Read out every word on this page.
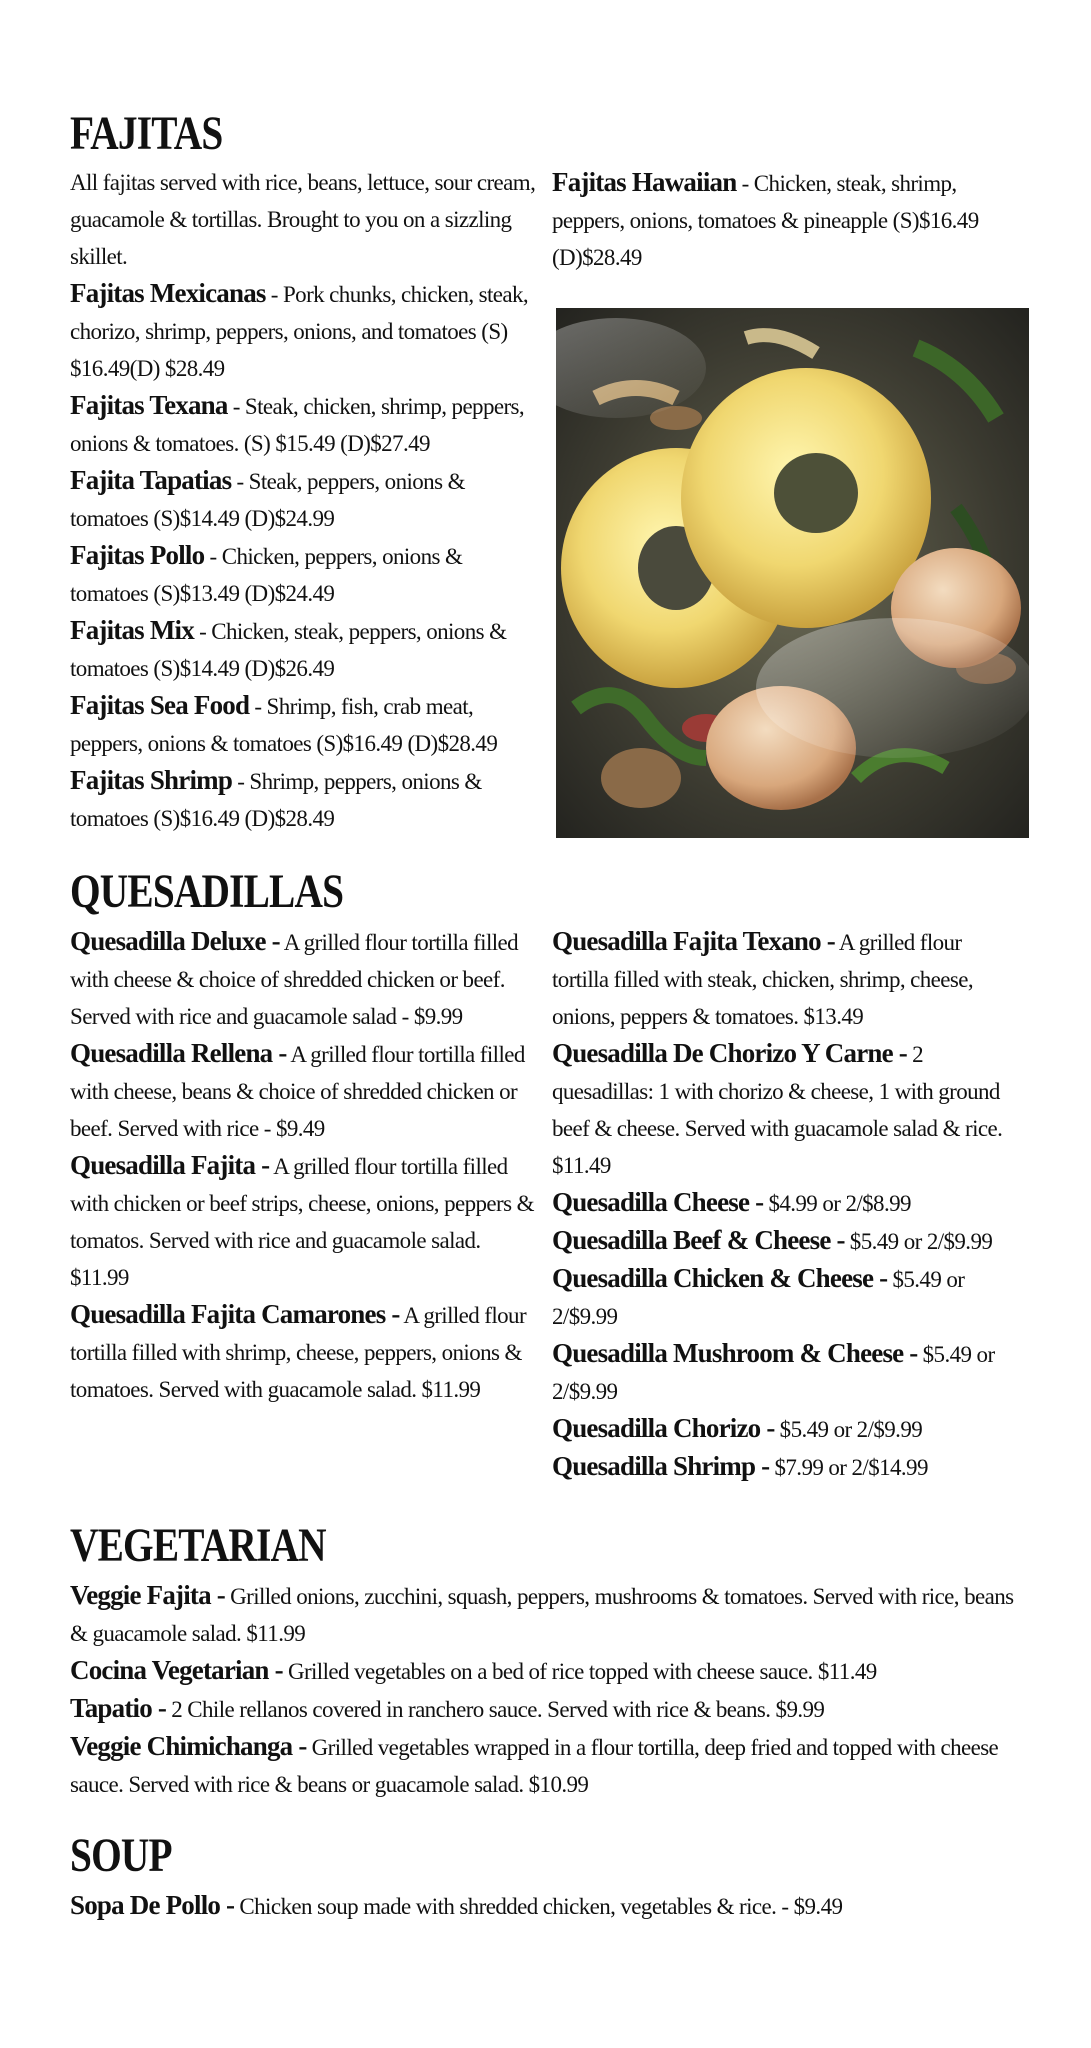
FAJITAS

All fajitas served with rice, beans, lettuce, sour cream, guacamole & tortillas. Brought to you on a sizzling skillet.

Fajitas Mexicanas - Pork chunks, chicken, steak, chorizo, shrimp, peppers, onions, and tomatoes (S) $16.49(D) $28.49

Fajitas Texana - Steak, chicken, shrimp, peppers, onions & tomatoes. (S) $15.49 (D)$27.49

Fajita Tapatias - Steak, peppers, onions & tomatoes (S)$14.49 (D)$24.99

Fajitas Pollo - Chicken, peppers, onions & tomatoes (S)$13.49 (D)$24.49

Fajitas Mix - Chicken, steak, peppers, onions & tomatoes (S)$14.49 (D)$26.49

Fajitas Sea Food - Shrimp, fish, crab meat, peppers, onions & tomatoes (S)$16.49 (D)$28.49

Fajitas Shrimp - Shrimp, peppers, onions & tomatoes (S)$16.49 (D)$28.49

Fajitas Hawaiian - Chicken, steak, shrimp, peppers, onions, tomatoes & pineapple (S)$16.49 (D)$28.49

QUESADILLAS

Quesadilla Deluxe - A grilled flour tortilla filled with cheese & choice of shredded chicken or beef. Served with rice and guacamole salad - $9.99

Quesadilla Rellena - A grilled flour tortilla filled with cheese, beans & choice of shredded chicken or beef. Served with rice - $9.49

Quesadilla Fajita - A grilled flour tortilla filled with chicken or beef strips, cheese, onions, peppers & tomatos. Served with rice and guacamole salad. $11.99

Quesadilla Fajita Camarones - A grilled flour tortilla filled with shrimp, cheese, peppers, onions & tomatoes. Served with guacamole salad. $11.99

Quesadilla Fajita Texano - A grilled flour tortilla filled with steak, chicken, shrimp, cheese, onions, peppers & tomatoes. $13.49

Quesadilla De Chorizo Y Carne - 2 quesadillas: 1 with chorizo & cheese, 1 with ground beef & cheese. Served with guacamole salad & rice. $11.49

Quesadilla Cheese - $4.99 or 2/$8.99

Quesadilla Beef & Cheese - $5.49 or 2/$9.99

Quesadilla Chicken & Cheese - $5.49 or 2/$9.99

Quesadilla Mushroom & Cheese - $5.49 or 2/$9.99

Quesadilla Chorizo - $5.49 or 2/$9.99

Quesadilla Shrimp - $7.99 or 2/$14.99

VEGETARIAN

Veggie Fajita - Grilled onions, zucchini, squash, peppers, mushrooms & tomatoes. Served with rice, beans & guacamole salad. $11.99

Cocina Vegetarian - Grilled vegetables on a bed of rice topped with cheese sauce. $11.49

Tapatio - 2 Chile rellanos covered in ranchero sauce. Served with rice & beans. $9.99

Veggie Chimichanga - Grilled vegetables wrapped in a flour tortilla, deep fried and topped with cheese sauce. Served with rice & beans or guacamole salad. $10.99

SOUP

Sopa De Pollo - Chicken soup made with shredded chicken, vegetables & rice. - $9.49
